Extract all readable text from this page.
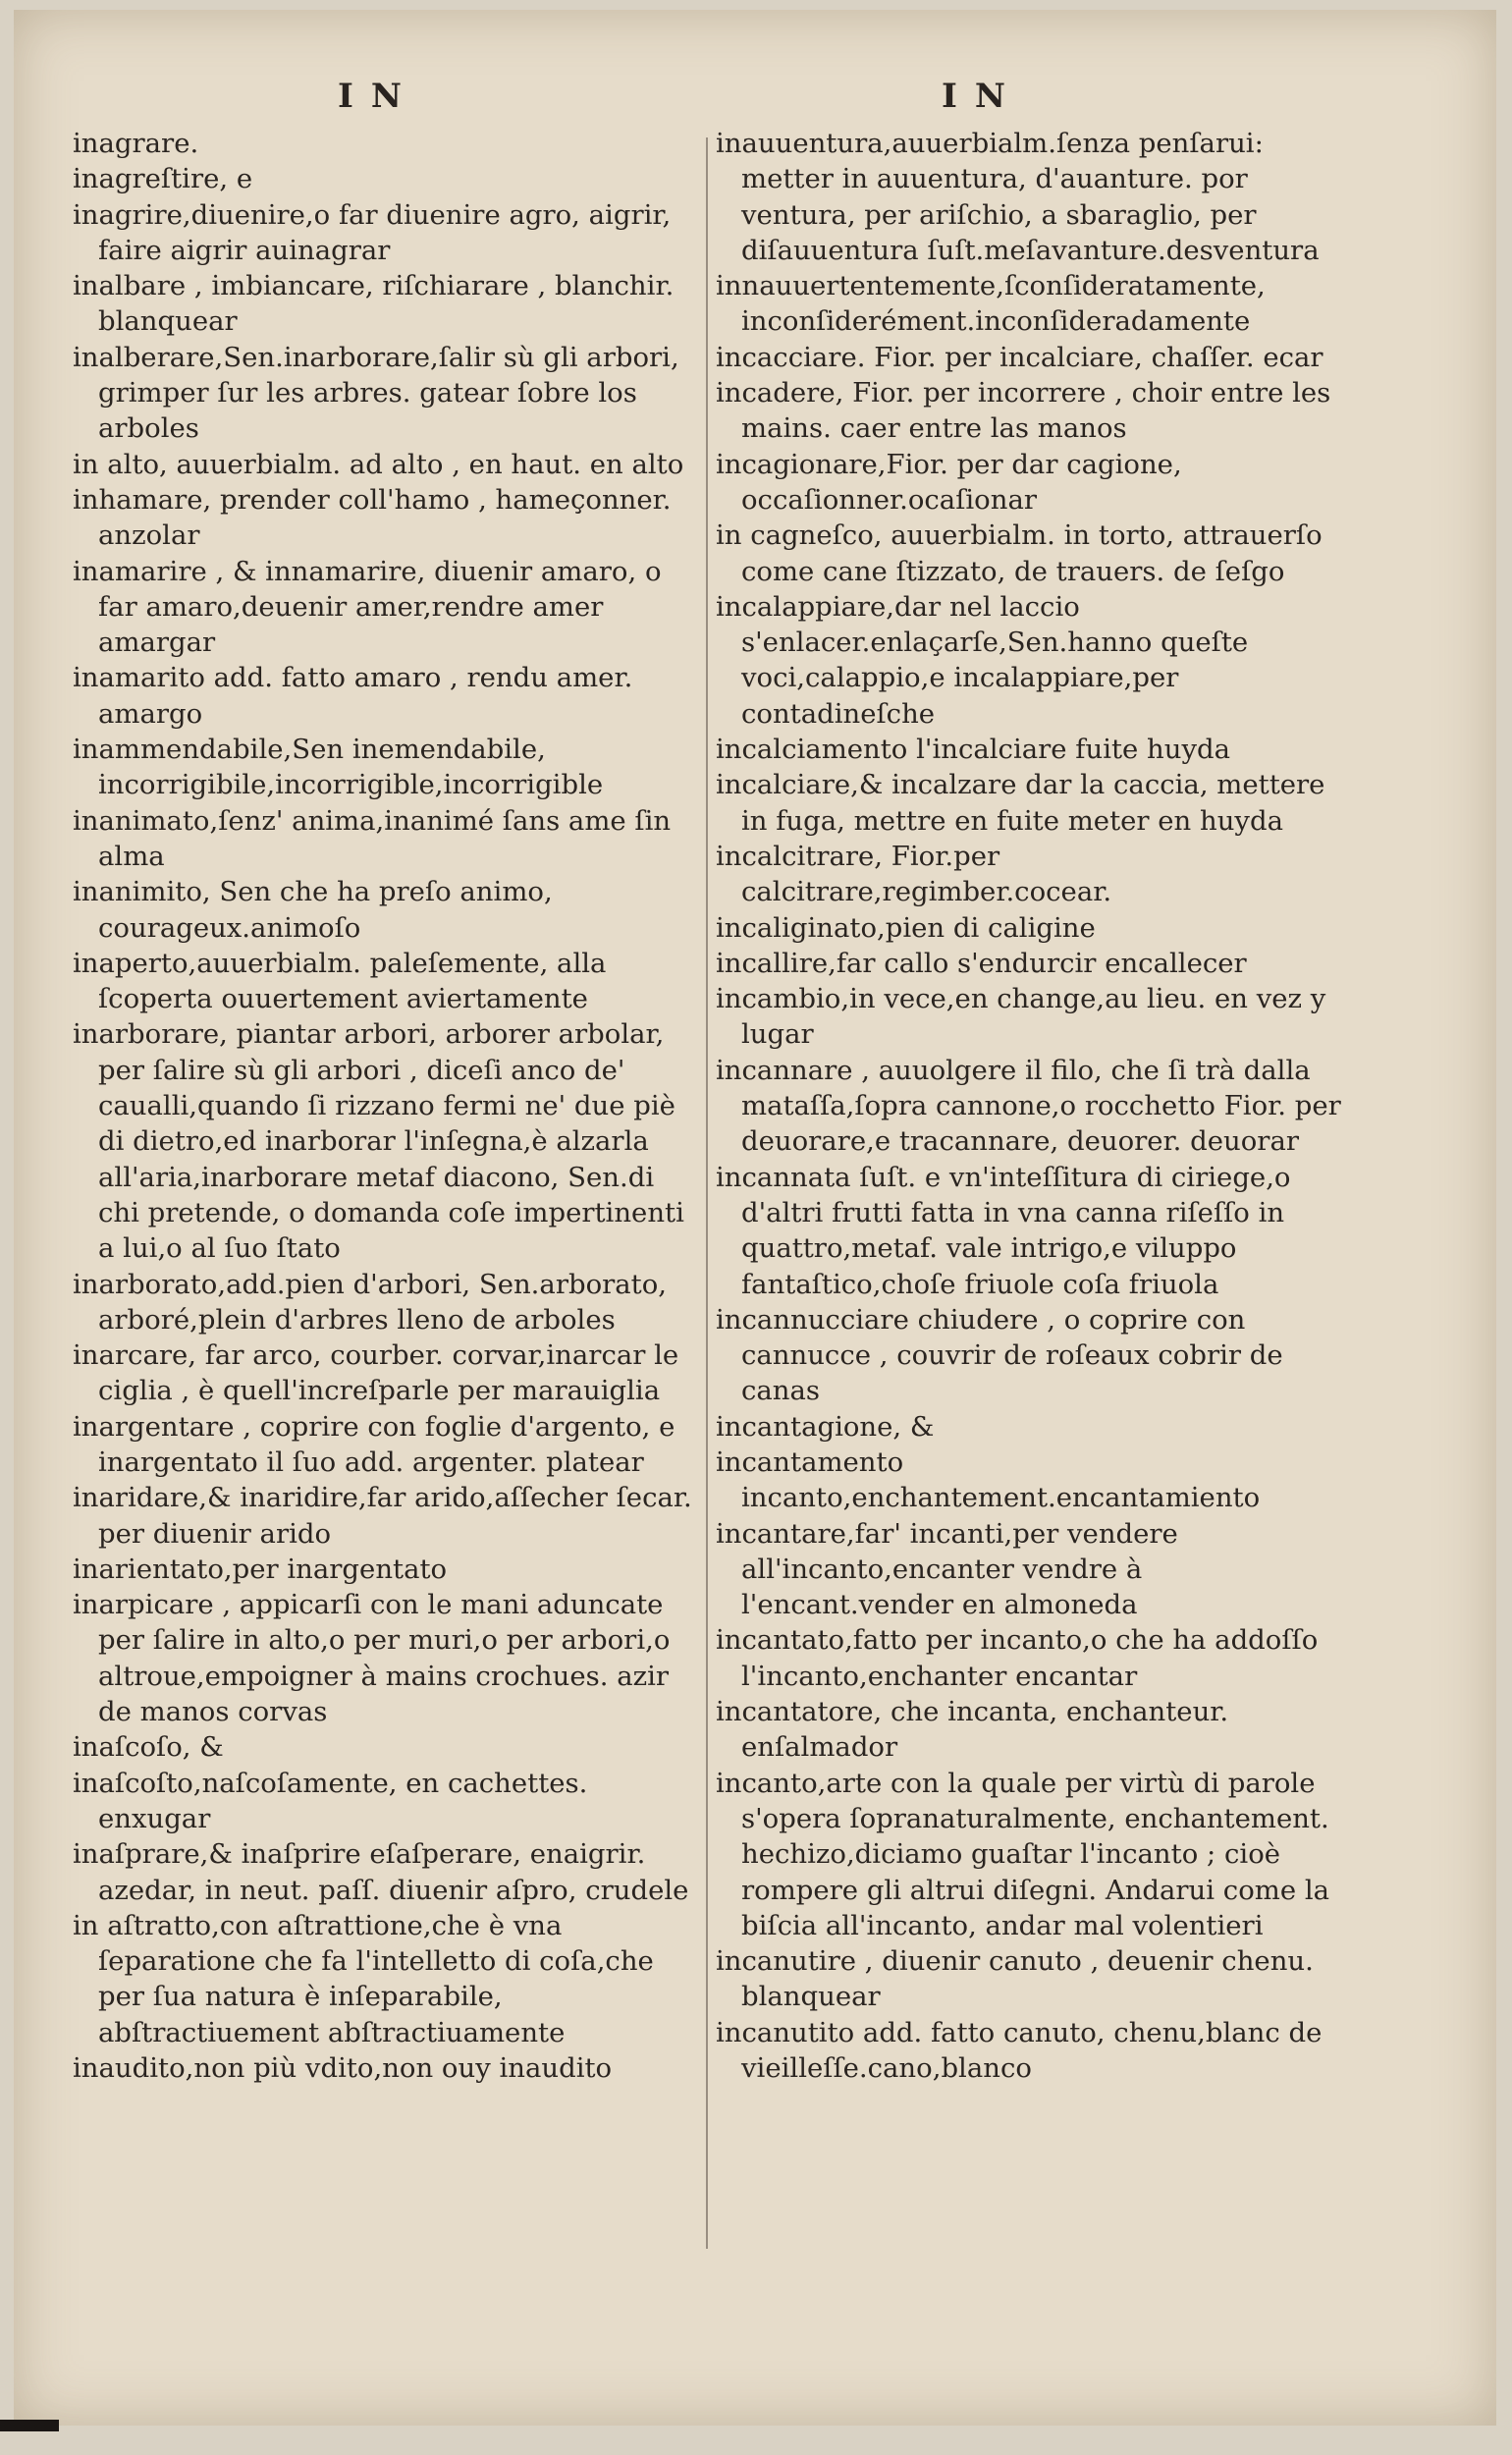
IN
inagrare.
inagreſtire, e
inagrire,diuenire,o far diuenire agro, aigrir, faire aigrir auinagrar
inalbare , imbiancare, riſchiarare , blanchir. blanquear
inalberare,Sen.inarborare,ſalir sù gli arbori, grimper ſur les arbres. gatear ſobre los arboles
in alto, auuerbialm. ad alto , en haut. en alto
inhamare, prender coll'hamo , hameçonner. anzolar
inamarire , & innamarire, diuenir amaro, o far amaro,deuenir amer,rendre amer amargar
inamarito add. fatto amaro , rendu amer. amargo
inammendabile,Sen inemendabile, incorrigibile,incorrigible,incorrigible
inanimato,ſenz' anima,inanimé ſans ame ſin alma
inanimito, Sen che ha preſo animo, courageux.animoſo
inaperto,auuerbialm. paleſemente, alla ſcoperta ouuertement aviertamente
inarborare, piantar arbori, arborer arbolar, per ſalire sù gli arbori , diceſi anco de' caualli,quando ſi rizzano fermi ne' due piè di dietro,ed inarborar l'inſegna,è alzarla all'aria,inarborare metaf diacono, Sen.di chi pretende, o domanda coſe impertinenti a lui,o al ſuo ſtato
inarborato,add.pien d'arbori, Sen.arborato, arboré,plein d'arbres lleno de arboles
inarcare, far arco, courber. corvar,inarcar le ciglia , è quell'increſparle per marauiglia
inargentare , coprire con foglie d'argento, e inargentato il ſuo add. argenter. platear
inaridare,& inaridire,far arido,aſſecher ſecar. per diuenir arido
inarientato,per inargentato
inarpicare , appicarſi con le mani aduncate per ſalire in alto,o per muri,o per arbori,o altroue,empoigner à mains crochues. azir de manos corvas
inaſcoſo, &
inaſcoſto,naſcoſamente, en cachettes. enxugar
inaſprare,& inaſprire eſaſperare, enaigrir. azedar, in neut. paſſ. diuenir aſpro, crudele
in aſtratto,con aſtrattione,che è vna ſeparatione che fa l'intelletto di coſa,che per ſua natura è inſeparabile, abſtractiuement abſtractiuamente
inaudito,non più vdito,non ouy inaudito
IN
inauuentura,auuerbialm.ſenza penſarui: metter in auuentura, d'auanture. por ventura, per ariſchio, a sbaraglio, per diſauuentura ſuſt.meſavanture.desventura
innauuertentemente,ſconſideratamente, inconſiderément.inconſideradamente
incacciare. Fior. per incalciare, chaſſer. ecar
incadere, Fior. per incorrere , choir entre les mains. caer entre las manos
incagionare,Fior. per dar cagione, occaſionner.ocaſionar
in cagneſco, auuerbialm. in torto, attrauerſo come cane ſtizzato, de trauers. de ſeſgo
incalappiare,dar nel laccio s'enlacer.enlaçarſe,Sen.hanno queſte voci,calappio,e incalappiare,per contadineſche
incalciamento l'incalciare fuite huyda
incalciare,& incalzare dar la caccia, mettere in fuga, mettre en fuite meter en huyda
incalcitrare, Fior.per calcitrare,regimber.cocear.
incaliginato,pien di caligine
incallire,far callo s'endurcir encallecer
incambio,in vece,en change,au lieu. en vez y lugar
incannare , auuolgere il filo, che ſi trà dalla mataſſa,ſopra cannone,o rocchetto Fior. per deuorare,e tracannare, deuorer. deuorar
incannata ſuſt. e vn'inteſſitura di ciriege,o d'altri frutti fatta in vna canna riſeſſo in quattro,metaf. vale intrigo,e viluppo fantaſtico,choſe friuole coſa friuola
incannucciare chiudere , o coprire con cannucce , couvrir de roſeaux cobrir de canas
incantagione, &
incantamento incanto,enchantement.encantamiento
incantare,far' incanti,per vendere all'incanto,encanter vendre à l'encant.vender en almoneda
incantato,fatto per incanto,o che ha addoſſo l'incanto,enchanter encantar
incantatore, che incanta, enchanteur. enſalmador
incanto,arte con la quale per virtù di parole s'opera ſopranaturalmente, enchantement. hechizo,diciamo guaſtar l'incanto ; cioè rompere gli altrui diſegni. Andarui come la biſcia all'incanto, andar mal volentieri
incanutire , diuenir canuto , deuenir chenu. blanquear
incanutito add. fatto canuto, chenu,blanc de vieilleſſe.cano,blanco
